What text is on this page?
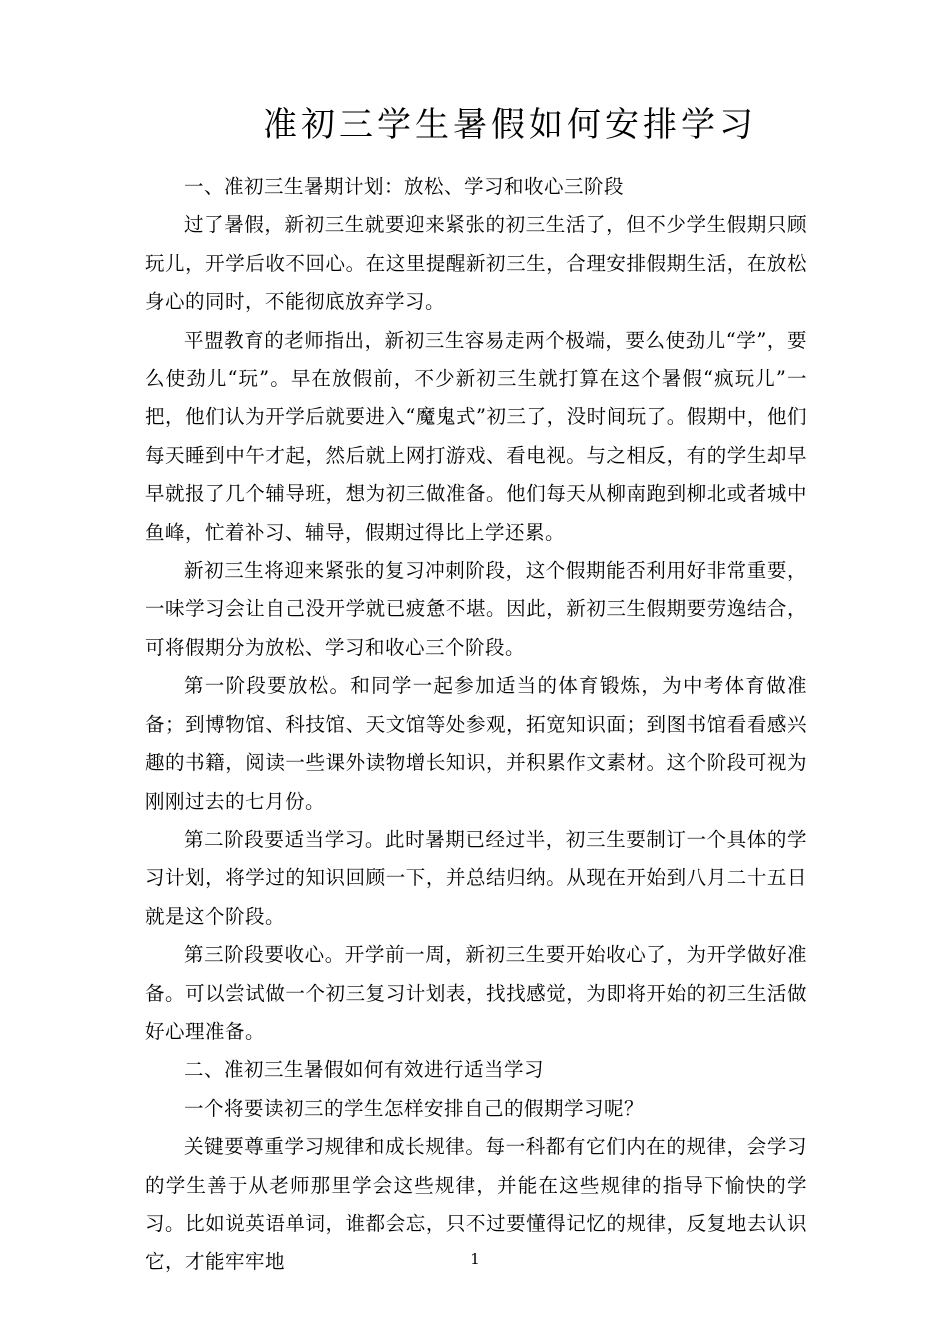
准初三学生暑假如何安排学习

一、准初三生暑期计划：放松、学习和收心三阶段

过了暑假，新初三生就要迎来紧张的初三生活了，但不少学生假期只顾玩儿，开学后收不回心。在这里提醒新初三生，合理安排假期生活，在放松身心的同时，不能彻底放弃学习。

平盟教育的老师指出，新初三生容易走两个极端，要么使劲儿“学”，要么使劲儿“玩”。早在放假前，不少新初三生就打算在这个暑假“疯玩儿”一把，他们认为开学后就要进入“魔鬼式”初三了，没时间玩了。假期中，他们每天睡到中午才起，然后就上网打游戏、看电视。与之相反，有的学生却早早就报了几个辅导班，想为初三做准备。他们每天从柳南跑到柳北或者城中鱼峰，忙着补习、辅导，假期过得比上学还累。

新初三生将迎来紧张的复习冲刺阶段，这个假期能否利用好非常重要，一味学习会让自己没开学就已疲惫不堪。因此，新初三生假期要劳逸结合，可将假期分为放松、学习和收心三个阶段。

第一阶段要放松。和同学一起参加适当的体育锻炼，为中考体育做准备；到博物馆、科技馆、天文馆等处参观，拓宽知识面；到图书馆看看感兴趣的书籍，阅读一些课外读物增长知识，并积累作文素材。这个阶段可视为刚刚过去的七月份。

第二阶段要适当学习。此时暑期已经过半，初三生要制订一个具体的学习计划，将学过的知识回顾一下，并总结归纳。从现在开始到八月二十五日就是这个阶段。

第三阶段要收心。开学前一周，新初三生要开始收心了，为开学做好准备。可以尝试做一个初三复习计划表，找找感觉，为即将开始的初三生活做好心理准备。

二、准初三生暑假如何有效进行适当学习

一个将要读初三的学生怎样安排自己的假期学习呢？

关键要尊重学习规律和成长规律。每一科都有它们内在的规律，会学习的学生善于从老师那里学会这些规律，并能在这些规律的指导下愉快的学习。比如说英语单词，谁都会忘，只不过要懂得记忆的规律，反复地去认识它，才能牢牢地	1
